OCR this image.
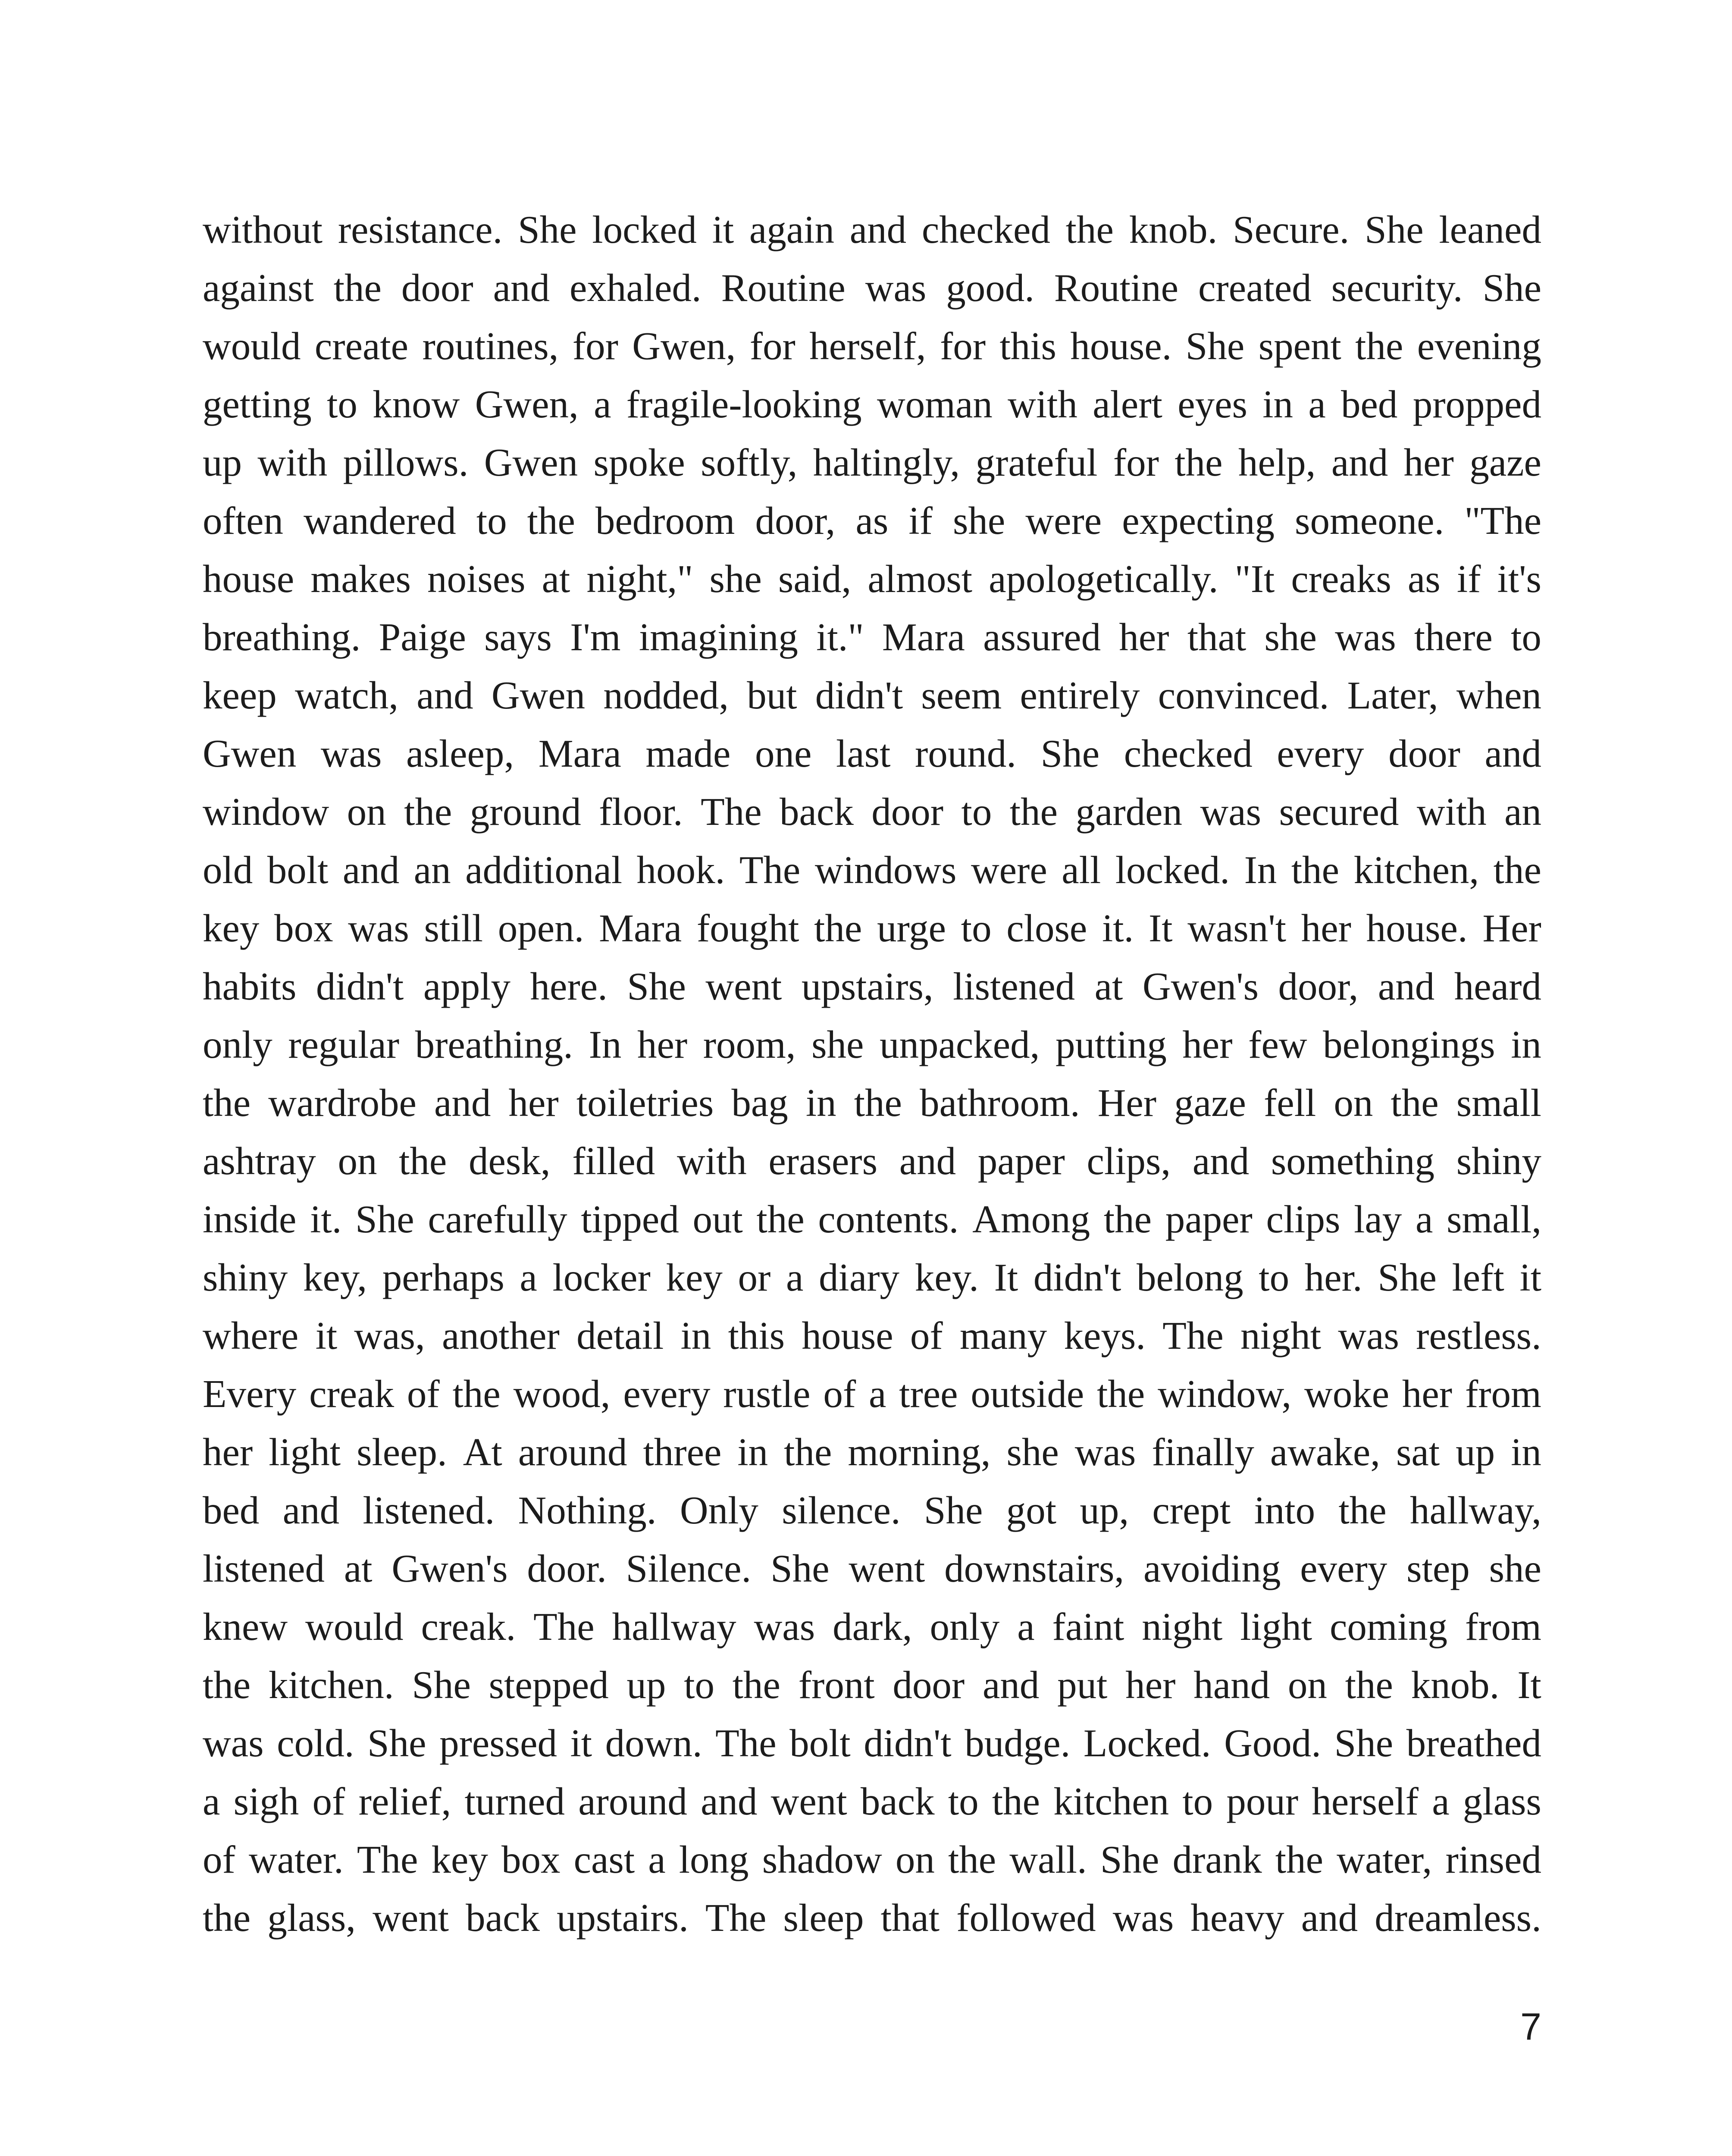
without resistance. She locked it again and checked the knob. Secure. She leaned
against the door and exhaled. Routine was good. Routine created security. She
would create routines, for Gwen, for herself, for this house. She spent the evening
getting to know Gwen, a fragile-looking woman with alert eyes in a bed propped
up with pillows. Gwen spoke softly, haltingly, grateful for the help, and her gaze
often wandered to the bedroom door, as if she were expecting someone. "The
house makes noises at night," she said, almost apologetically. "It creaks as if it's
breathing. Paige says I'm imagining it." Mara assured her that she was there to
keep watch, and Gwen nodded, but didn't seem entirely convinced. Later, when
Gwen was asleep, Mara made one last round. She checked every door and
window on the ground floor. The back door to the garden was secured with an
old bolt and an additional hook. The windows were all locked. In the kitchen, the
key box was still open. Mara fought the urge to close it. It wasn't her house. Her
habits didn't apply here. She went upstairs, listened at Gwen's door, and heard
only regular breathing. In her room, she unpacked, putting her few belongings in
the wardrobe and her toiletries bag in the bathroom. Her gaze fell on the small
ashtray on the desk, filled with erasers and paper clips, and something shiny
inside it. She carefully tipped out the contents. Among the paper clips lay a small,
shiny key, perhaps a locker key or a diary key. It didn't belong to her. She left it
where it was, another detail in this house of many keys. The night was restless.
Every creak of the wood, every rustle of a tree outside the window, woke her from
her light sleep. At around three in the morning, she was finally awake, sat up in
bed and listened. Nothing. Only silence. She got up, crept into the hallway,
listened at Gwen's door. Silence. She went downstairs, avoiding every step she
knew would creak. The hallway was dark, only a faint night light coming from
the kitchen. She stepped up to the front door and put her hand on the knob. It
was cold. She pressed it down. The bolt didn't budge. Locked. Good. She breathed
a sigh of relief, turned around and went back to the kitchen to pour herself a glass
of water. The key box cast a long shadow on the wall. She drank the water, rinsed
the glass, went back upstairs. The sleep that followed was heavy and dreamless.
7
